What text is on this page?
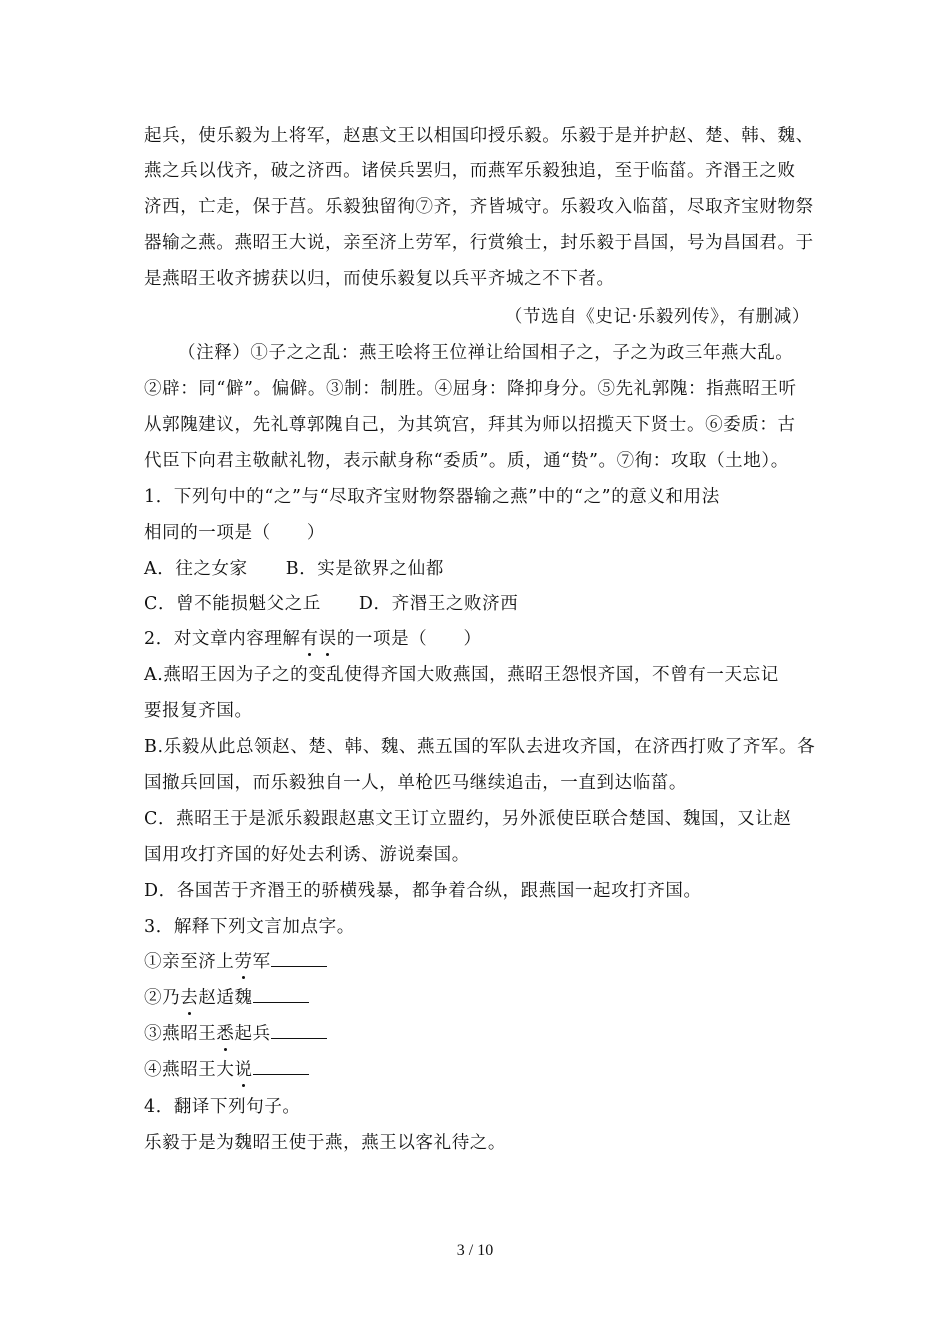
起兵，使乐毅为上将军，赵惠文王以相国印授乐毅。乐毅于是并护赵、楚、韩、魏、
燕之兵以伐齐，破之济西。诸侯兵罢归，而燕军乐毅独追，至于临菑。齐湣王之败
济西，亡走，保于莒。乐毅独留徇⑦齐，齐皆城守。乐毅攻入临菑，尽取齐宝财物祭
器输之燕。燕昭王大说，亲至济上劳军，行赏飨士，封乐毅于昌国，号为昌国君。于
是燕昭王收齐掳获以归，而使乐毅复以兵平齐城之不下者。
（节选自《史记·乐毅列传》，有删减）
（注释）①子之之乱：燕王哙将王位禅让给国相子之，子之为政三年燕大乱。
②辟：同“僻”。偏僻。③制：制胜。④屈身：降抑身分。⑤先礼郭隗：指燕昭王听
从郭隗建议，先礼尊郭隗自己，为其筑宫，拜其为师以招揽天下贤士。⑥委质：古
代臣下向君主敬献礼物，表示献身称“委质”。质，通“贽”。⑦徇：攻取（土地）。
1．下列句中的“之”与“尽取齐宝财物祭器输之燕”中的“之”的意义和用法
相同的一项是（　　）
A．往之女家 B．实是欲界之仙都
C．曾不能损魁父之丘 D．齐湣王之败济西
2．对文章内容理解有误的一项是（　　）
A.燕昭王因为子之的变乱使得齐国大败燕国，燕昭王怨恨齐国，不曾有一天忘记
要报复齐国。
B.乐毅从此总领赵、楚、韩、魏、燕五国的军队去进攻齐国，在济西打败了齐军。各
国撤兵回国，而乐毅独自一人，单枪匹马继续追击，一直到达临菑。
C．燕昭王于是派乐毅跟赵惠文王订立盟约，另外派使臣联合楚国、魏国，又让赵
国用攻打齐国的好处去利诱、游说秦国。
D．各国苦于齐湣王的骄横残暴，都争着合纵，跟燕国一起攻打齐国。
3．解释下列文言加点字。
①亲至济上劳军
②乃去赵适魏
③燕昭王悉起兵
④燕昭王大说
4．翻译下列句子。
乐毅于是为魏昭王使于燕，燕王以客礼待之。
3 / 10
